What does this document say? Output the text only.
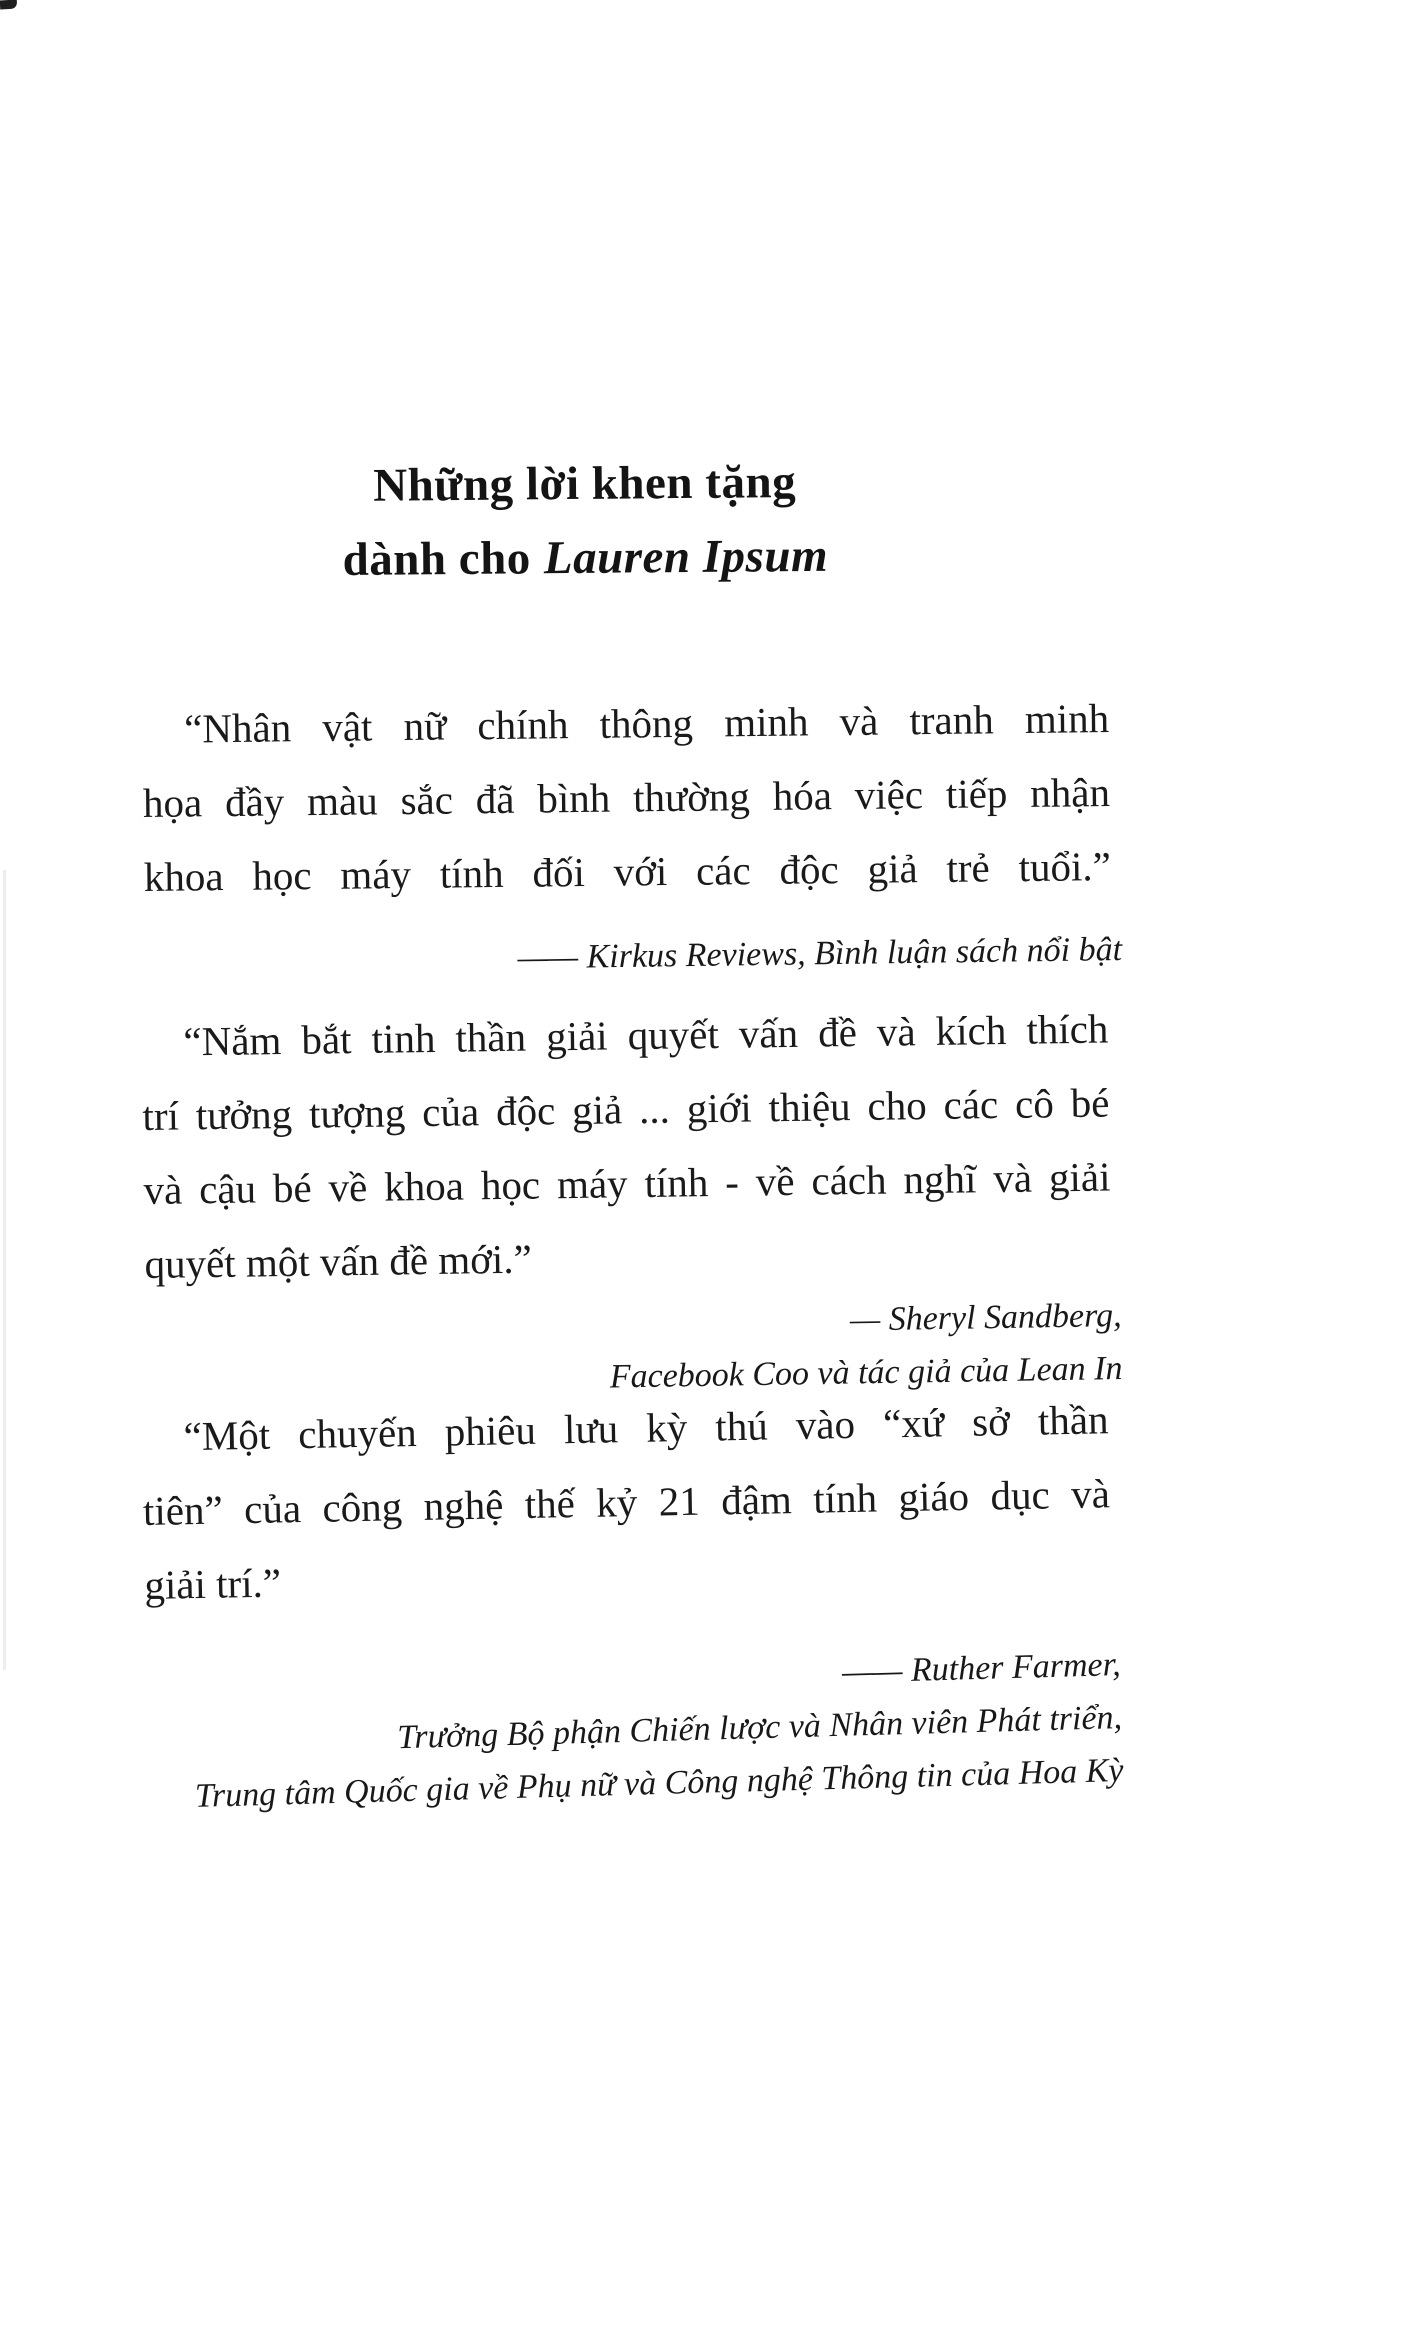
Những lời khen tặng
dành cho Lauren Ipsum
“Nhân vật nữ chính thông minh và tranh minh
họa đầy màu sắc đã bình thường hóa việc tiếp nhận
khoa học máy tính đối với các độc giả trẻ tuổi.”
—— Kirkus Reviews, Bình luận sách nổi bật
“Nắm bắt tinh thần giải quyết vấn đề và kích thích
trí tưởng tượng của độc giả ... giới thiệu cho các cô bé
và cậu bé về khoa học máy tính - về cách nghĩ và giải
quyết một vấn đề mới.”
— Sheryl Sandberg,
Facebook Coo và tác giả của Lean In
“Một chuyến phiêu lưu kỳ thú vào “xứ sở thần
tiên” của công nghệ thế kỷ 21 đậm tính giáo dục và
giải trí.”
—— Ruther Farmer,
Trưởng Bộ phận Chiến lược và Nhân viên Phát triển,
Trung tâm Quốc gia về Phụ nữ và Công nghệ Thông tin của Hoa Kỳ
